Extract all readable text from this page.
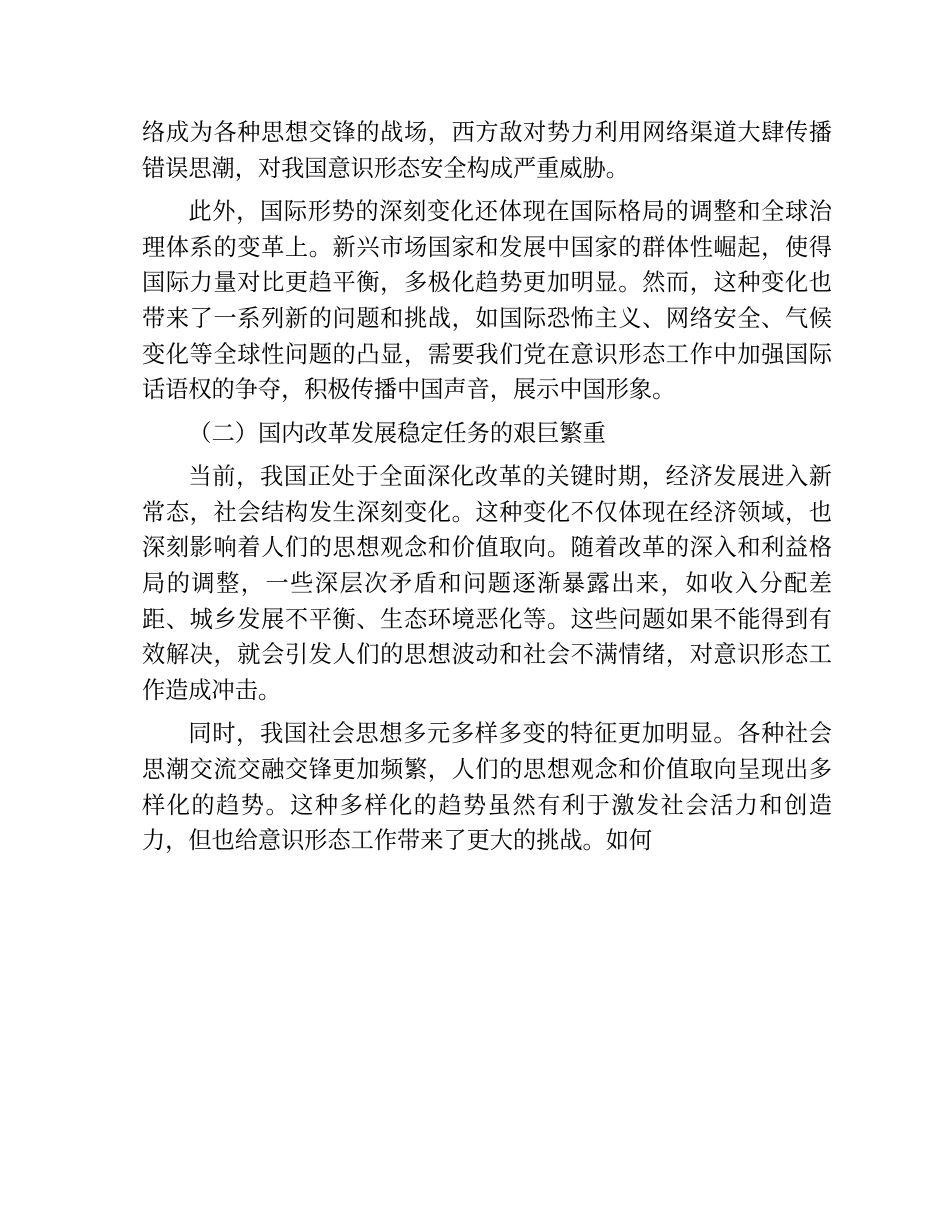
络成为各种思想交锋的战场，西方敌对势力利用网络渠道大肆传播错误思潮，对我国意识形态安全构成严重威胁。

此外，国际形势的深刻变化还体现在国际格局的调整和全球治理体系的变革上。新兴市场国家和发展中国家的群体性崛起，使得国际力量对比更趋平衡，多极化趋势更加明显。然而，这种变化也带来了一系列新的问题和挑战，如国际恐怖主义、网络安全、气候变化等全球性问题的凸显，需要我们党在意识形态工作中加强国际话语权的争夺，积极传播中国声音，展示中国形象。

（二）国内改革发展稳定任务的艰巨繁重

当前，我国正处于全面深化改革的关键时期，经济发展进入新常态，社会结构发生深刻变化。这种变化不仅体现在经济领域，也深刻影响着人们的思想观念和价值取向。随着改革的深入和利益格局的调整，一些深层次矛盾和问题逐渐暴露出来，如收入分配差距、城乡发展不平衡、生态环境恶化等。这些问题如果不能得到有效解决，就会引发人们的思想波动和社会不满情绪，对意识形态工作造成冲击。

同时，我国社会思想多元多样多变的特征更加明显。各种社会思潮交流交融交锋更加频繁，人们的思想观念和价值取向呈现出多样化的趋势。这种多样化的趋势虽然有利于激发社会活力和创造力，但也给意识形态工作带来了更大的挑战。如何
